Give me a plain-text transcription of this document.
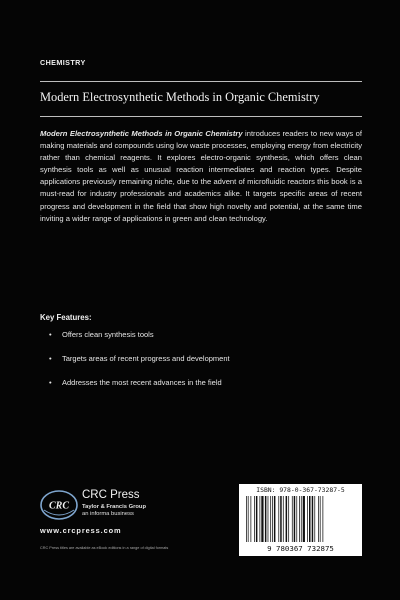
CHEMISTRY
Modern Electrosynthetic Methods in Organic Chemistry
Modern Electrosynthetic Methods in Organic Chemistry introduces readers to new ways of making materials and compounds using low waste processes, employing energy from electricity rather than chemical reagents. It explores electro-organic synthesis, which offers clean synthesis tools as well as unusual reaction intermediates and reaction types. Despite applications previously remaining niche, due to the advent of microfluidic reactors this book is a must-read for industry professionals and academics alike. It targets specific areas of recent progress and development in the field that show high novelty and potential, at the same time inviting a wider range of applications in green and clean technology.
Key Features:
• Offers clean synthesis tools
• Targets areas of recent progress and development
• Addresses the most recent advances in the field
CRC
CRC Press
Taylor & Francis Group
an informa business
www.crcpress.com
CRC Press titles are available as eBook editions in a range of digital formats
ISBN: 978-0-367-73287-5
9 780367 732875
